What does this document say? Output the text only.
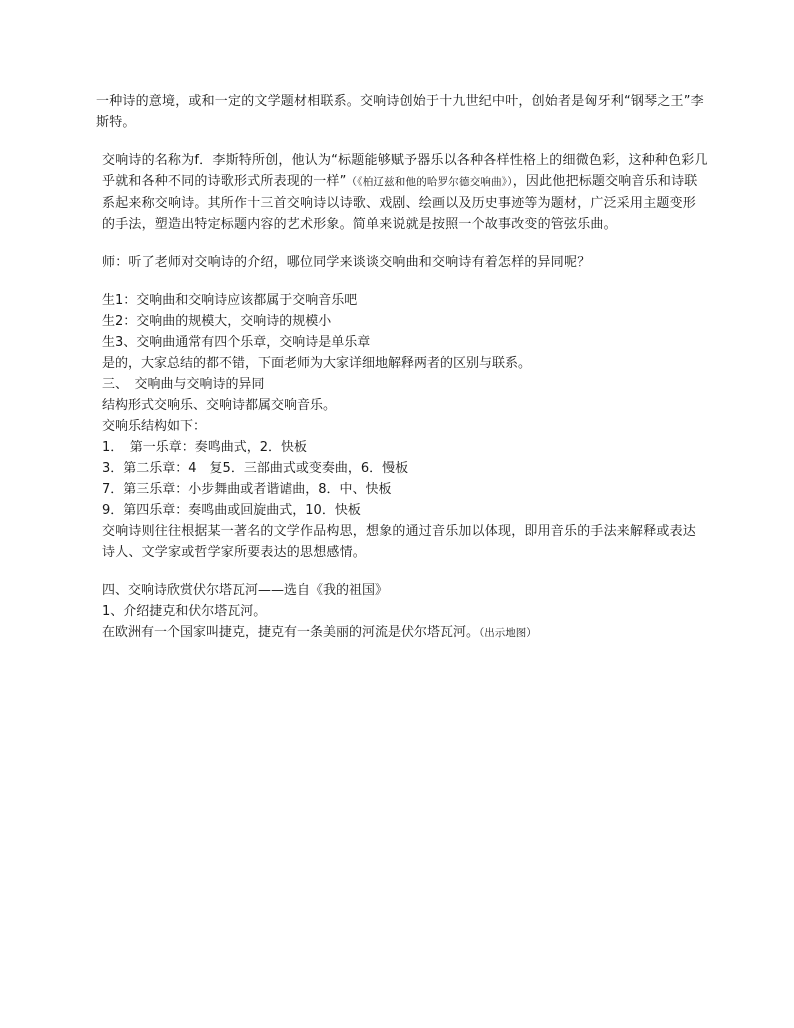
一种诗的意境，或和一定的文学题材相联系。交响诗创始于十九世纪中叶，创始者是匈牙利“钢琴之王”李斯特。

交响诗的名称为f．李斯特所创，他认为“标题能够赋予器乐以各种各样性格上的细微色彩，这种种色彩几乎就和各种不同的诗歌形式所表现的一样”（《柏辽兹和他的哈罗尔德交响曲》），因此他把标题交响音乐和诗联系起来称交响诗。其所作十三首交响诗以诗歌、戏剧、绘画以及历史事迹等为题材，广泛采用主题变形的手法，塑造出特定标题内容的艺术形象。简单来说就是按照一个故事改变的管弦乐曲。

师：听了老师对交响诗的介绍，哪位同学来谈谈交响曲和交响诗有着怎样的异同呢？

生1：交响曲和交响诗应该都属于交响音乐吧

生2：交响曲的规模大，交响诗的规模小

生3、交响曲通常有四个乐章，交响诗是单乐章

是的，大家总结的都不错，下面老师为大家详细地解释两者的区别与联系。

三、　交响曲与交响诗的异同

结构形式交响乐、交响诗都属交响音乐。

交响乐结构如下：

1．　第一乐章：奏鸣曲式，2．快板

3．第二乐章：4　复5．三部曲式或变奏曲，6．慢板

7．第三乐章：小步舞曲或者谐谑曲，8．中、快板

9．第四乐章：奏鸣曲或回旋曲式，10．快板

交响诗则往往根据某一著名的文学作品构思，想象的通过音乐加以体现，即用音乐的手法来解释或表达诗人、文学家或哲学家所要表达的思想感情。

四、交响诗欣赏伏尔塔瓦河——选自《我的祖国》

1、介绍捷克和伏尔塔瓦河。

在欧洲有一个国家叫捷克，捷克有一条美丽的河流是伏尔塔瓦河。（出示地图）
